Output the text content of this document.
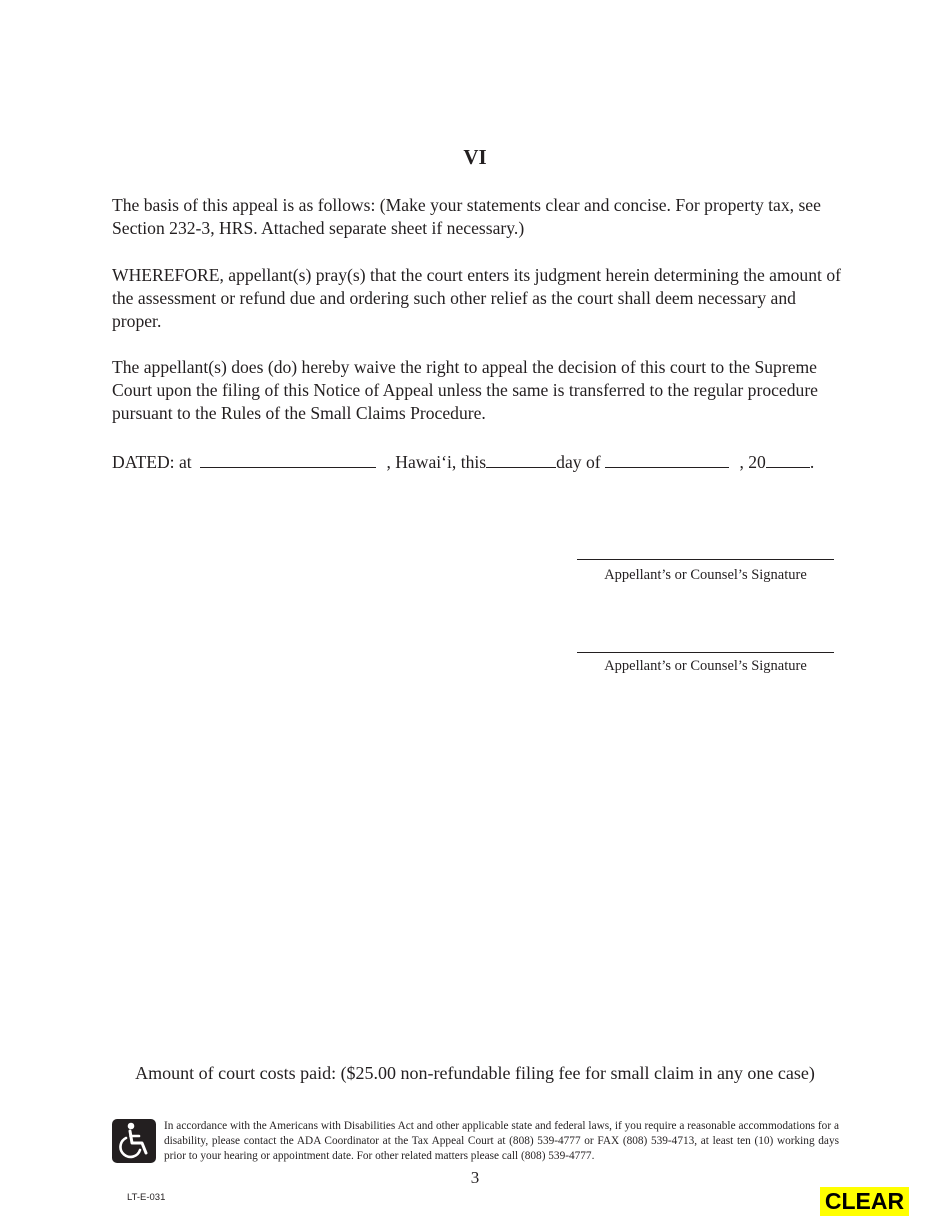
VI
The basis of this appeal is as follows: (Make your statements clear and concise. For property tax, see Section 232-3, HRS. Attached separate sheet if necessary.)
WHEREFORE, appellant(s) pray(s) that the court enters its judgment herein determining the amount of the assessment or refund due and ordering such other relief as the court shall deem necessary and proper.
The appellant(s) does (do) hereby waive the right to appeal the decision of this court to the Supreme Court upon the filing of this Notice of Appeal unless the same is transferred to the regular procedure pursuant to the Rules of the Small Claims Procedure.
DATED: at	, Hawai‘i, this	day of	, 20	.
Appellant’s or Counsel’s Signature
Appellant’s or Counsel’s Signature
Amount of court costs paid: ($25.00 non-refundable filing fee for small claim in any one case)
In accordance with the Americans with Disabilities Act and other applicable state and federal laws, if you require a reasonable accommodations for a disability, please contact the ADA Coordinator at the Tax Appeal Court at (808) 539-4777 or FAX (808) 539-4713, at least ten (10) working days prior to your hearing or appointment date. For other related matters please call (808) 539-4777.
3
LT-E-031	CLEAR
